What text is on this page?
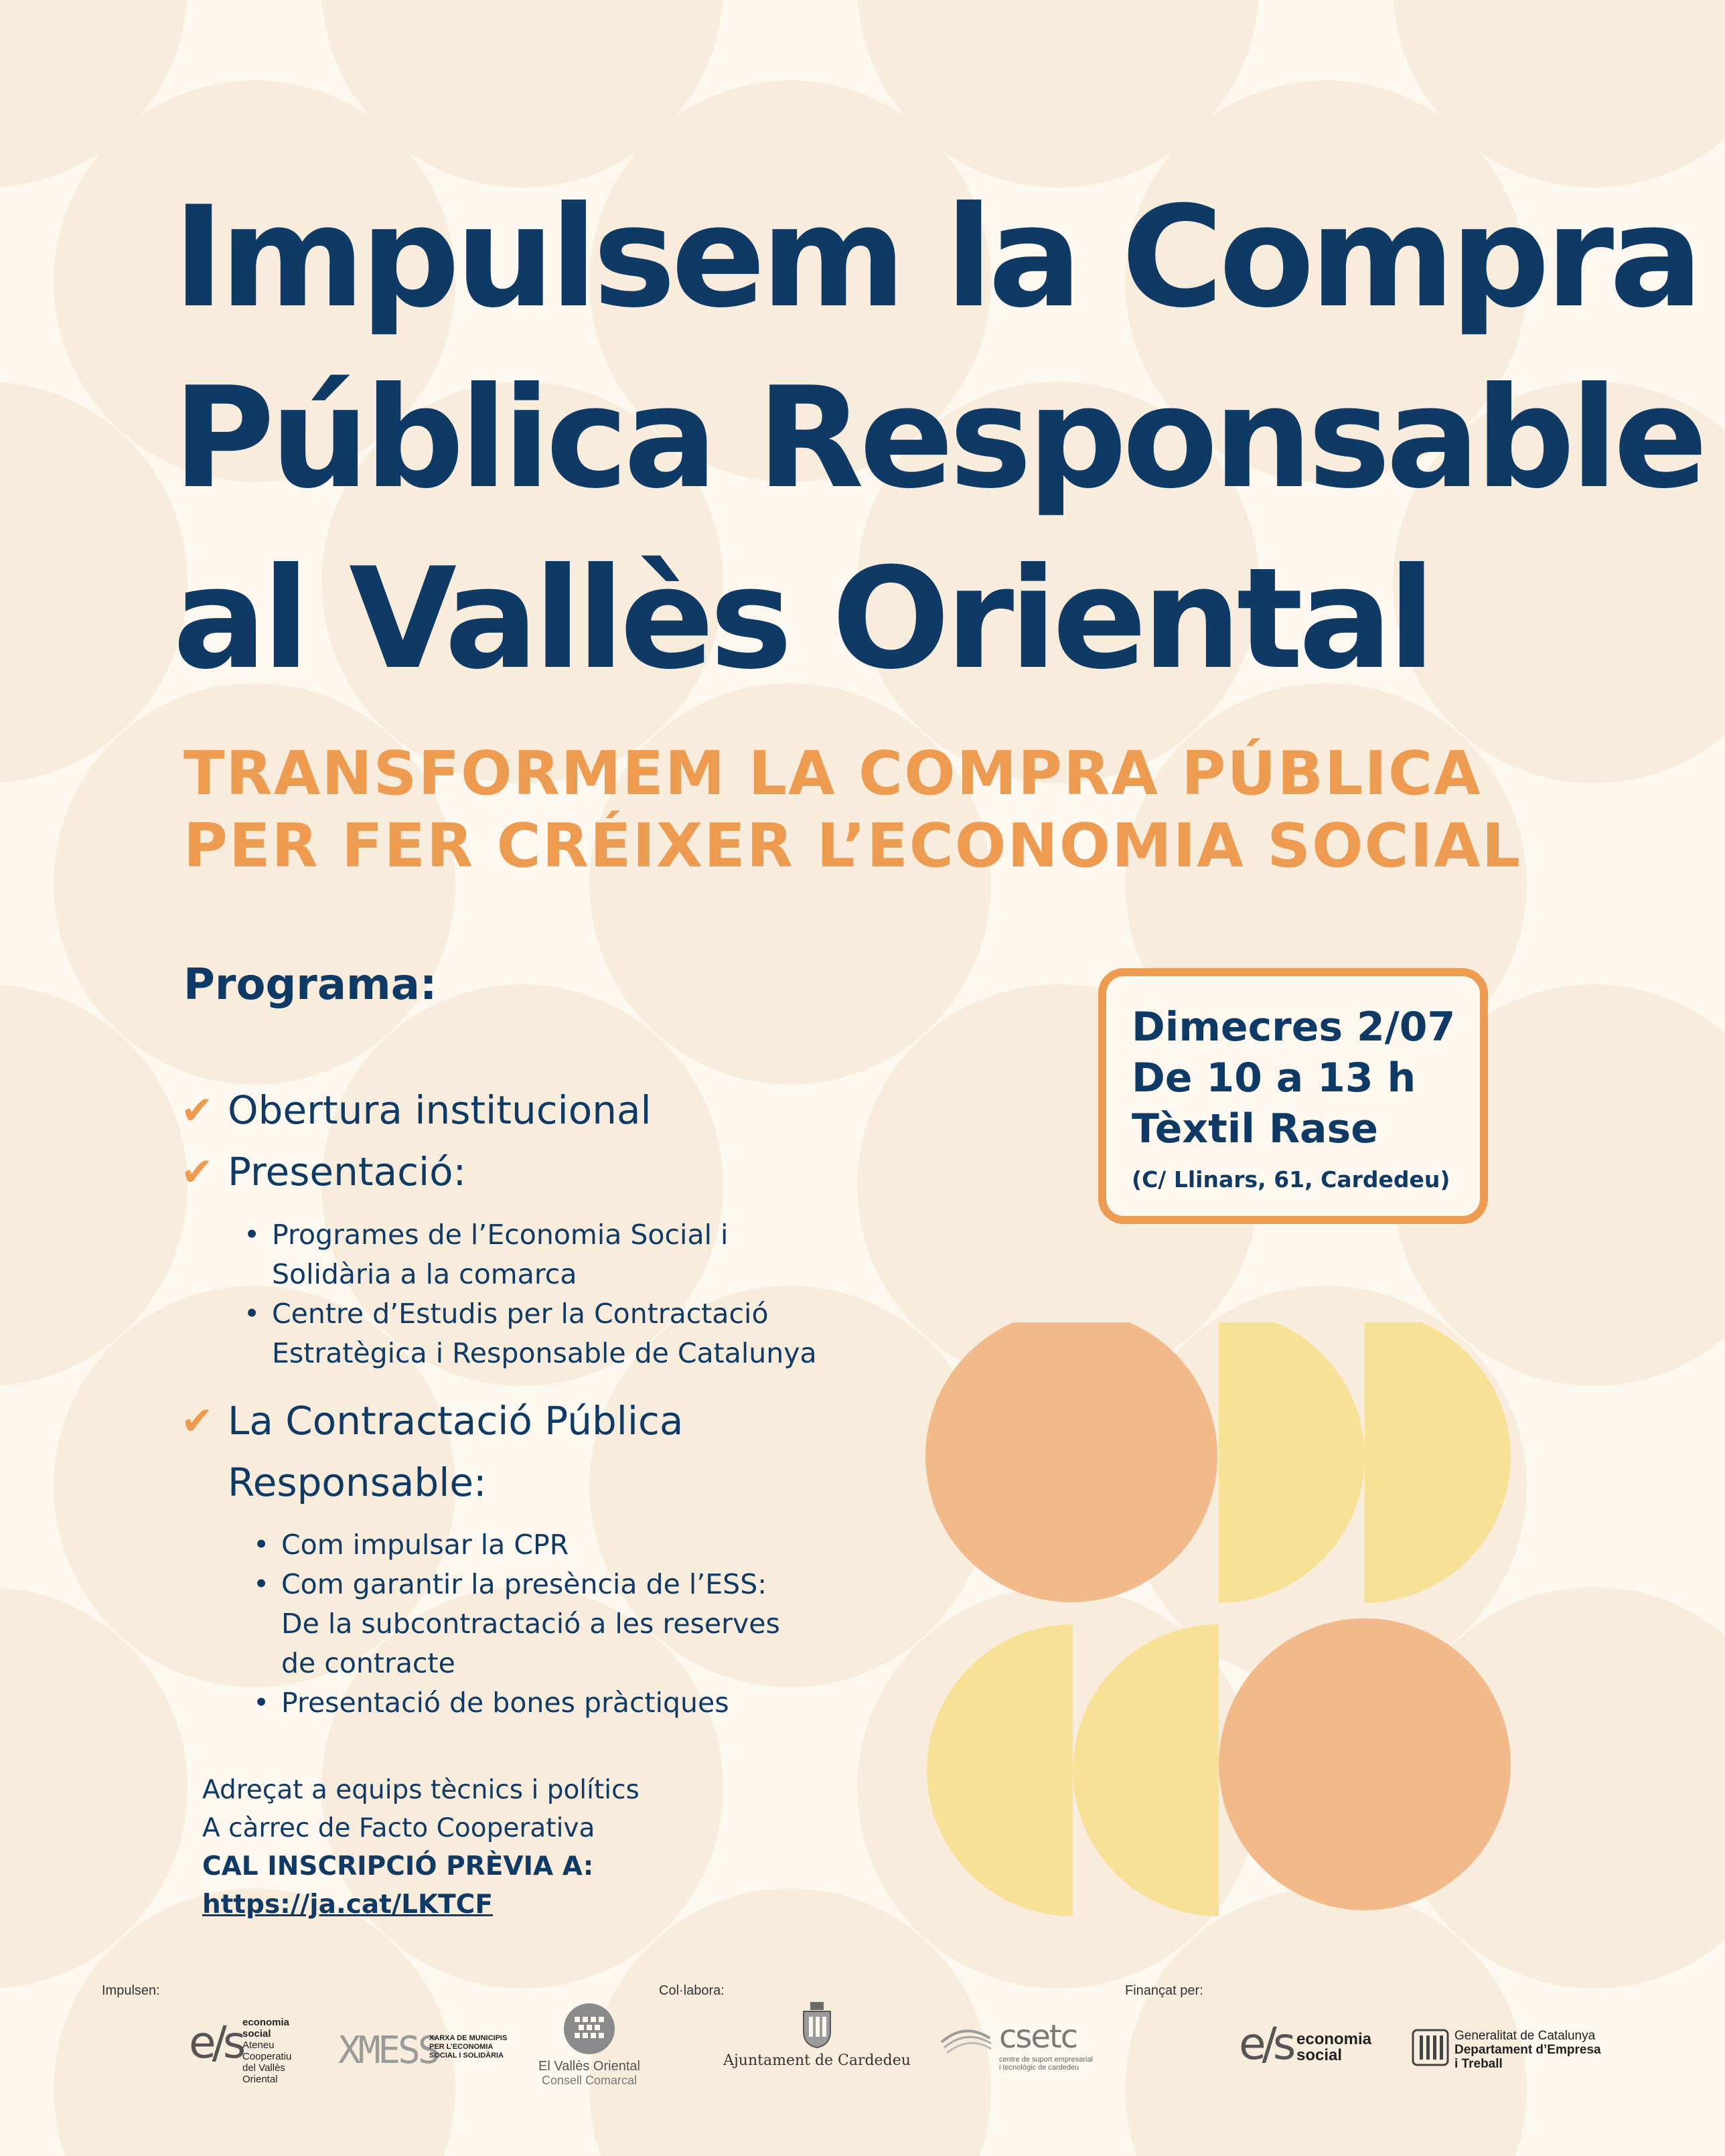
Impulsem la Compra
Pública Responsable
al Vallès Oriental
TRANSFORMEM LA COMPRA PÚBLICA
PER FER CRÉIXER L’ECONOMIA SOCIAL
Programa:
✔ Obertura institucional
✔ Presentació:
• Programes de l’Economia Social i
Solidària a la comarca
• Centre d’Estudis per la Contractació
Estratègica i Responsable de Catalunya
✔ La Contractació Pública
Responsable:
• Com impulsar la CPR
• Com garantir la presència de l’ESS:
De la subcontractació a les reserves
de contracte
• Presentació de bones pràctiques
Dimecres 2/07
De 10 a 13 h
Tèxtil Rase
(C/ Llinars, 61, Cardedeu)
Adreçat a equips tècnics i polítics
A càrrec de Facto Cooperativa
CAL INSCRIPCIÓ PRÈVIA A:
https://ja.cat/LKTCF
Impulsen:	Col·labora:	Finançat per:
e/s economia
social
Ateneu
Cooperatiu
del Vallès
Oriental
XMESS
XARXA DE MUNICIPIS
PER L’ECONOMIA
SOCIAL I SOLIDÀRIA
El Vallès Oriental
Consell Comarcal
Ajuntament de Cardedeu
csetc
centre de suport empresarial
i tecnològic de cardedeu	e/s economia
social
Generalitat de Catalunya
Departament d’Empresa
i Treball
